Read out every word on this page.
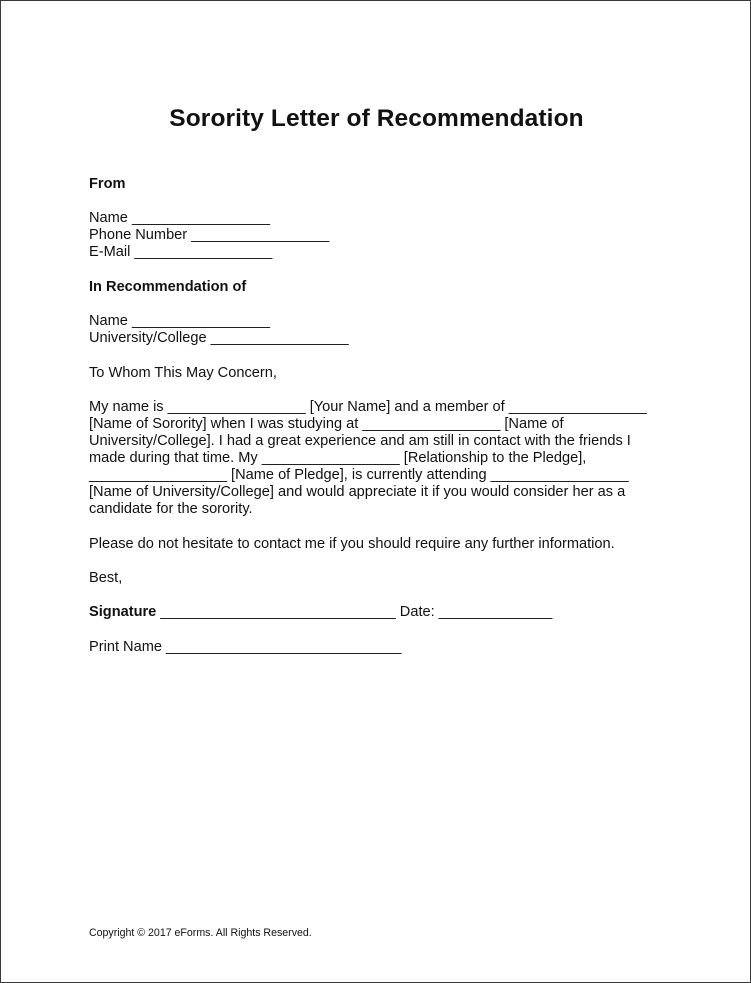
Sorority Letter of Recommendation
From
Name _________________
Phone Number _________________
E-Mail _________________
In Recommendation of
Name _________________
University/College _________________
To Whom This May Concern,
My name is _________________ [Your Name] and a member of _________________
[Name of Sorority] when I was studying at _________________ [Name of
University/College]. I had a great experience and am still in contact with the friends I
made during that time. My _________________ [Relationship to the Pledge],
_________________ [Name of Pledge], is currently attending _________________
[Name of University/College] and would appreciate it if you would consider her as a
candidate for the sorority.
Please do not hesitate to contact me if you should require any further information.
Best,
Signature _____________________________ Date: ______________
Print Name _____________________________
Copyright © 2017 eForms. All Rights Reserved.
